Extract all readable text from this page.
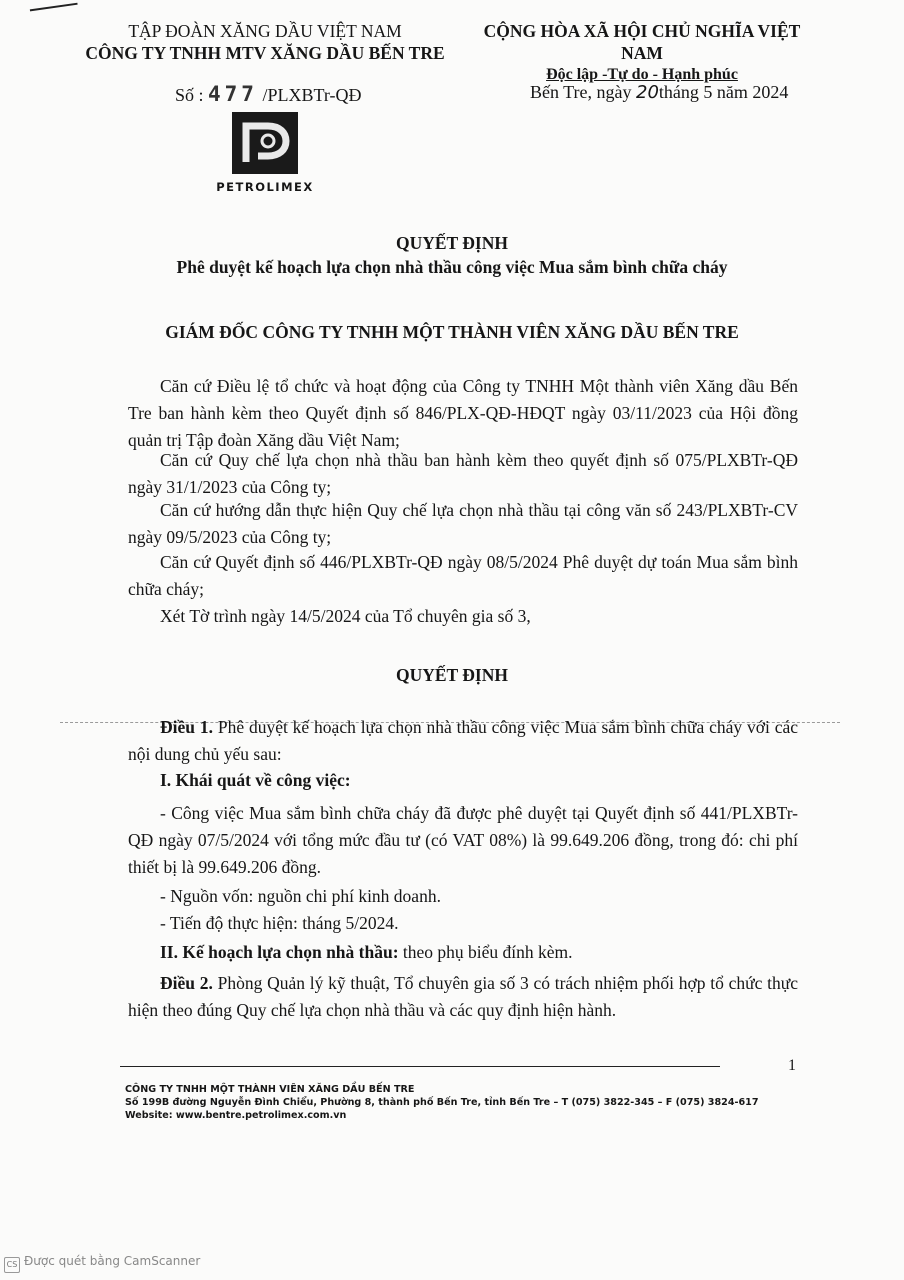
TẬP ĐOÀN XĂNG DẦU VIỆT NAM
CÔNG TY TNHH MTV XĂNG DẦU BẾN TRE
CỘNG HÒA XÃ HỘI CHỦ NGHĨA VIỆT NAM
Độc lập -Tự do - Hạnh phúc
Số : 477 /PLXBTr-QĐ	Bến Tre, ngày 20tháng 5 năm 2024
PETROLIMEX
QUYẾT ĐỊNH
Phê duyệt kế hoạch lựa chọn nhà thầu công việc Mua sắm bình chữa cháy
GIÁM ĐỐC CÔNG TY TNHH MỘT THÀNH VIÊN XĂNG DẦU BẾN TRE
Căn cứ Điều lệ tổ chức và hoạt động của Công ty TNHH Một thành viên Xăng dầu Bến Tre ban hành kèm theo Quyết định số 846/PLX-QĐ-HĐQT ngày 03/11/2023 của Hội đồng quản trị Tập đoàn Xăng dầu Việt Nam;
Căn cứ Quy chế lựa chọn nhà thầu ban hành kèm theo quyết định số 075/PLXBTr-QĐ ngày 31/1/2023 của Công ty;
Căn cứ hướng dẫn thực hiện Quy chế lựa chọn nhà thầu tại công văn số 243/PLXBTr-CV ngày 09/5/2023 của Công ty;
Căn cứ Quyết định số 446/PLXBTr-QĐ ngày 08/5/2024 Phê duyệt dự toán Mua sắm bình chữa cháy;
Xét Tờ trình ngày 14/5/2024 của Tổ chuyên gia số 3,
QUYẾT ĐỊNH
Điều 1. Phê duyệt kế hoạch lựa chọn nhà thầu công việc Mua sắm bình chữa cháy với các nội dung chủ yếu sau:
I. Khái quát về công việc:
- Công việc Mua sắm bình chữa cháy đã được phê duyệt tại Quyết định số 441/PLXBTr-QĐ ngày 07/5/2024 với tổng mức đầu tư (có VAT 08%) là 99.649.206 đồng, trong đó: chi phí thiết bị là 99.649.206 đồng.
- Nguồn vốn: nguồn chi phí kinh doanh.
- Tiến độ thực hiện: tháng 5/2024.
II. Kế hoạch lựa chọn nhà thầu: theo phụ biểu đính kèm.
Điều 2. Phòng Quản lý kỹ thuật, Tổ chuyên gia số 3 có trách nhiệm phối hợp tổ chức thực hiện theo đúng Quy chế lựa chọn nhà thầu và các quy định hiện hành.
1
CÔNG TY TNHH MỘT THÀNH VIÊN XĂNG DẦU BẾN TRE
Số 199B đường Nguyễn Đình Chiểu, Phường 8, thành phố Bến Tre, tỉnh Bến Tre – T (075) 3822-345 – F (075) 3824-617
Website: www.bentre.petrolimex.com.vn
CS Được quét bằng CamScanner
